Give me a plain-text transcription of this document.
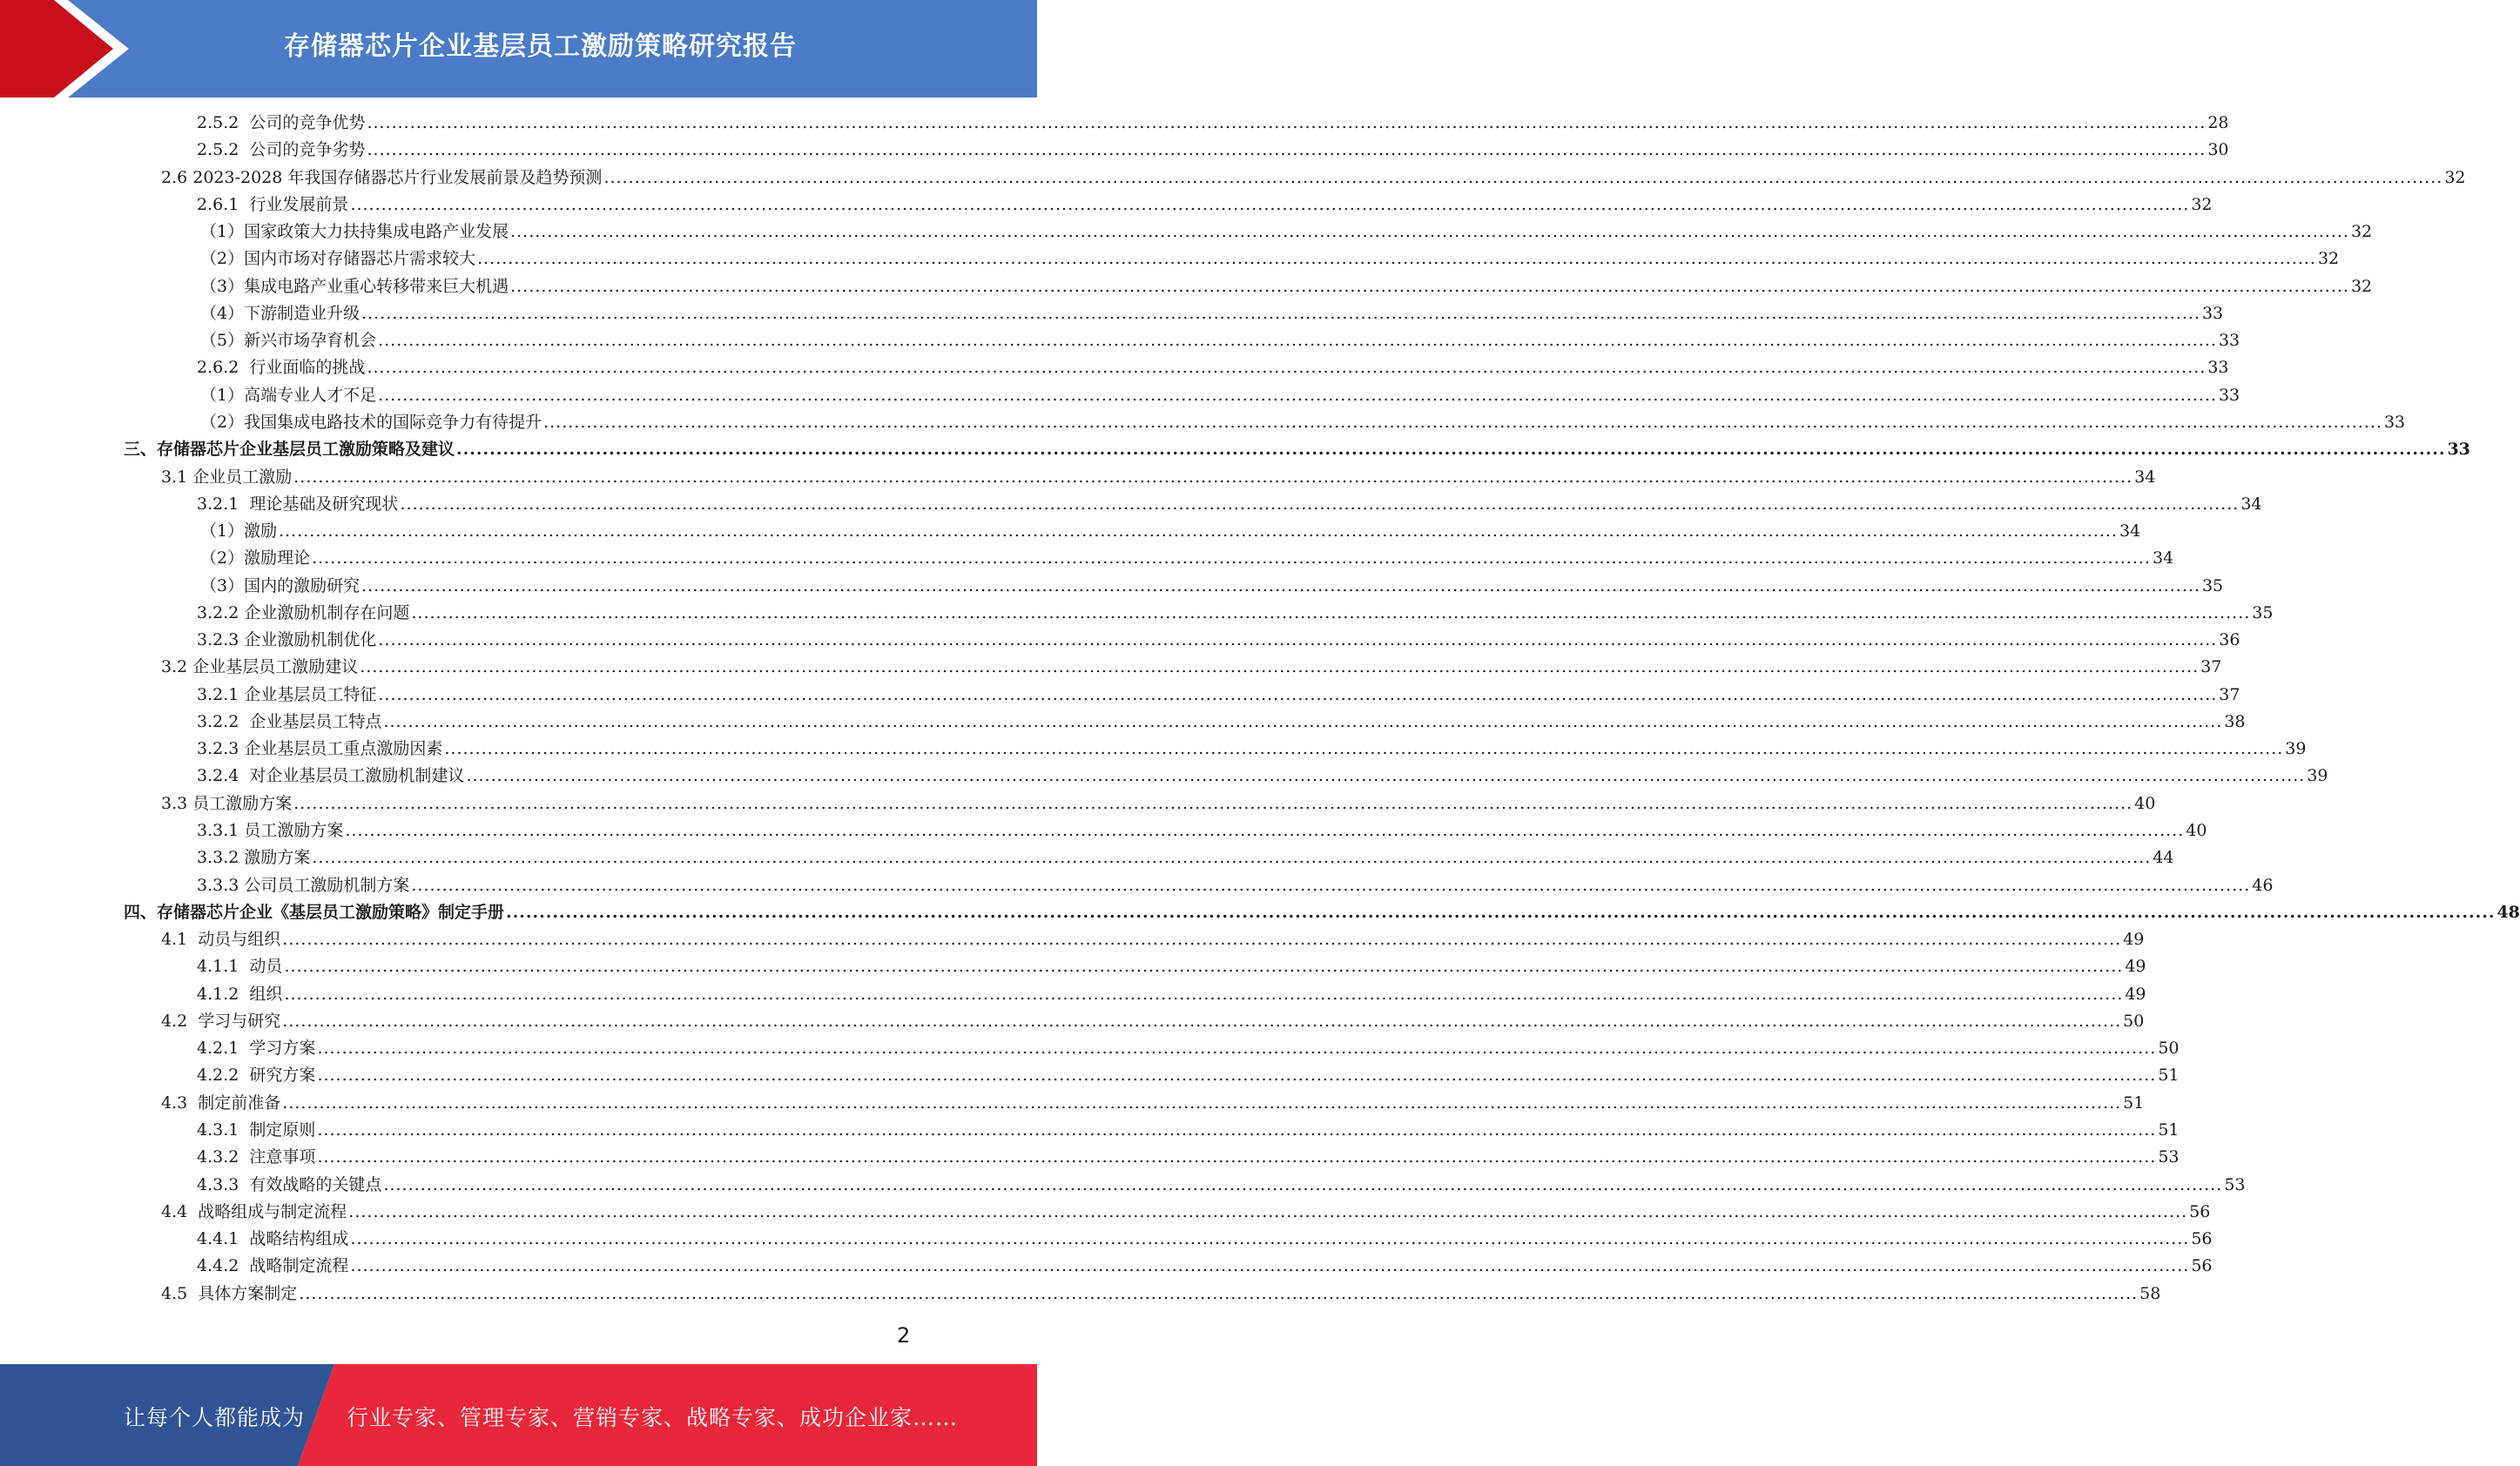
存储器芯片企业基层员工激励策略研究报告
2.5.2  公司的竞争优势 ............................................................................................................................................................................................................................................................................................................ 28
2.5.2  公司的竞争劣势 ............................................................................................................................................................................................................................................................................................................ 30
2.6 2023-2028 年我国存储器芯片行业发展前景及趋势预测 ............................................................................................................................................................................................................................................................................................................ 32
2.6.1  行业发展前景 ............................................................................................................................................................................................................................................................................................................ 32
（1）国家政策大力扶持集成电路产业发展 ............................................................................................................................................................................................................................................................................................................ 32
（2）国内市场对存储器芯片需求较大 ............................................................................................................................................................................................................................................................................................................ 32
（3）集成电路产业重心转移带来巨大机遇 ............................................................................................................................................................................................................................................................................................................ 32
（4）下游制造业升级 ............................................................................................................................................................................................................................................................................................................ 33
（5）新兴市场孕育机会 ............................................................................................................................................................................................................................................................................................................ 33
2.6.2  行业面临的挑战 ............................................................................................................................................................................................................................................................................................................ 33
（1）高端专业人才不足 ............................................................................................................................................................................................................................................................................................................ 33
（2）我国集成电路技术的国际竞争力有待提升 ............................................................................................................................................................................................................................................................................................................ 33
三、存储器芯片企业基层员工激励策略及建议 ............................................................................................................................................................................................................................................................................................................ 33
3.1 企业员工激励 ............................................................................................................................................................................................................................................................................................................ 34
3.2.1  理论基础及研究现状 ............................................................................................................................................................................................................................................................................................................ 34
（1）激励 ............................................................................................................................................................................................................................................................................................................ 34
（2）激励理论 ............................................................................................................................................................................................................................................................................................................ 34
（3）国内的激励研究 ............................................................................................................................................................................................................................................................................................................ 35
3.2.2 企业激励机制存在问题 ............................................................................................................................................................................................................................................................................................................ 35
3.2.3 企业激励机制优化 ............................................................................................................................................................................................................................................................................................................ 36
3.2 企业基层员工激励建议 ............................................................................................................................................................................................................................................................................................................ 37
3.2.1 企业基层员工特征 ............................................................................................................................................................................................................................................................................................................ 37
3.2.2  企业基层员工特点 ............................................................................................................................................................................................................................................................................................................ 38
3.2.3 企业基层员工重点激励因素 ............................................................................................................................................................................................................................................................................................................ 39
3.2.4  对企业基层员工激励机制建议 ............................................................................................................................................................................................................................................................................................................ 39
3.3 员工激励方案 ............................................................................................................................................................................................................................................................................................................ 40
3.3.1 员工激励方案 ............................................................................................................................................................................................................................................................................................................ 40
3.3.2 激励方案 ............................................................................................................................................................................................................................................................................................................ 44
3.3.3 公司员工激励机制方案 ............................................................................................................................................................................................................................................................................................................ 46
四、存储器芯片企业《基层员工激励策略》制定手册 ............................................................................................................................................................................................................................................................................................................ 48
4.1  动员与组织 ............................................................................................................................................................................................................................................................................................................ 49
4.1.1  动员 ............................................................................................................................................................................................................................................................................................................ 49
4.1.2  组织 ............................................................................................................................................................................................................................................................................................................ 49
4.2  学习与研究 ............................................................................................................................................................................................................................................................................................................ 50
4.2.1  学习方案 ............................................................................................................................................................................................................................................................................................................ 50
4.2.2  研究方案 ............................................................................................................................................................................................................................................................................................................ 51
4.3  制定前准备 ............................................................................................................................................................................................................................................................................................................ 51
4.3.1  制定原则 ............................................................................................................................................................................................................................................................................................................ 51
4.3.2  注意事项 ............................................................................................................................................................................................................................................................................................................ 53
4.3.3  有效战略的关键点 ............................................................................................................................................................................................................................................................................................................ 53
4.4  战略组成与制定流程 ............................................................................................................................................................................................................................................................................................................ 56
4.4.1  战略结构组成 ............................................................................................................................................................................................................................................................................................................ 56
4.4.2  战略制定流程 ............................................................................................................................................................................................................................................................................................................ 56
4.5  具体方案制定 ............................................................................................................................................................................................................................................................................................................ 58
2
让每个人都能成为 行业专家、管理专家、营销专家、战略专家、成功企业家……
